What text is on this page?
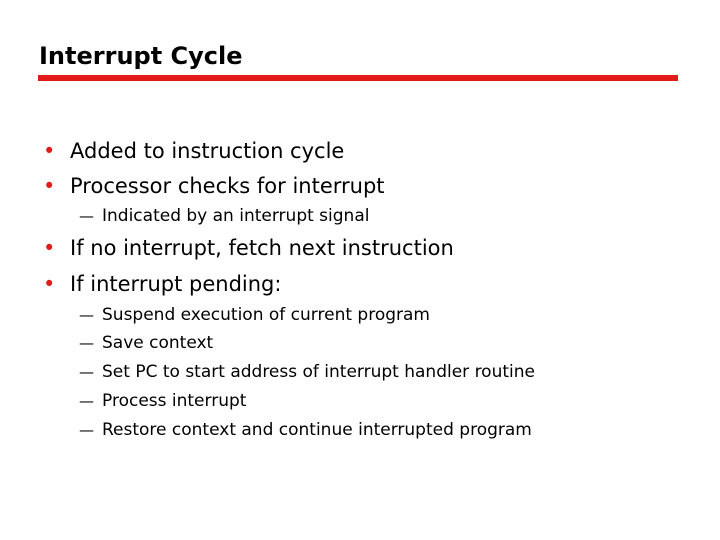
Interrupt Cycle
• Added to instruction cycle
• Processor checks for interrupt
— Indicated by an interrupt signal
• If no interrupt, fetch next instruction
• If interrupt pending:
— Suspend execution of current program
— Save context
— Set PC to start address of interrupt handler routine
— Process interrupt
— Restore context and continue interrupted program
